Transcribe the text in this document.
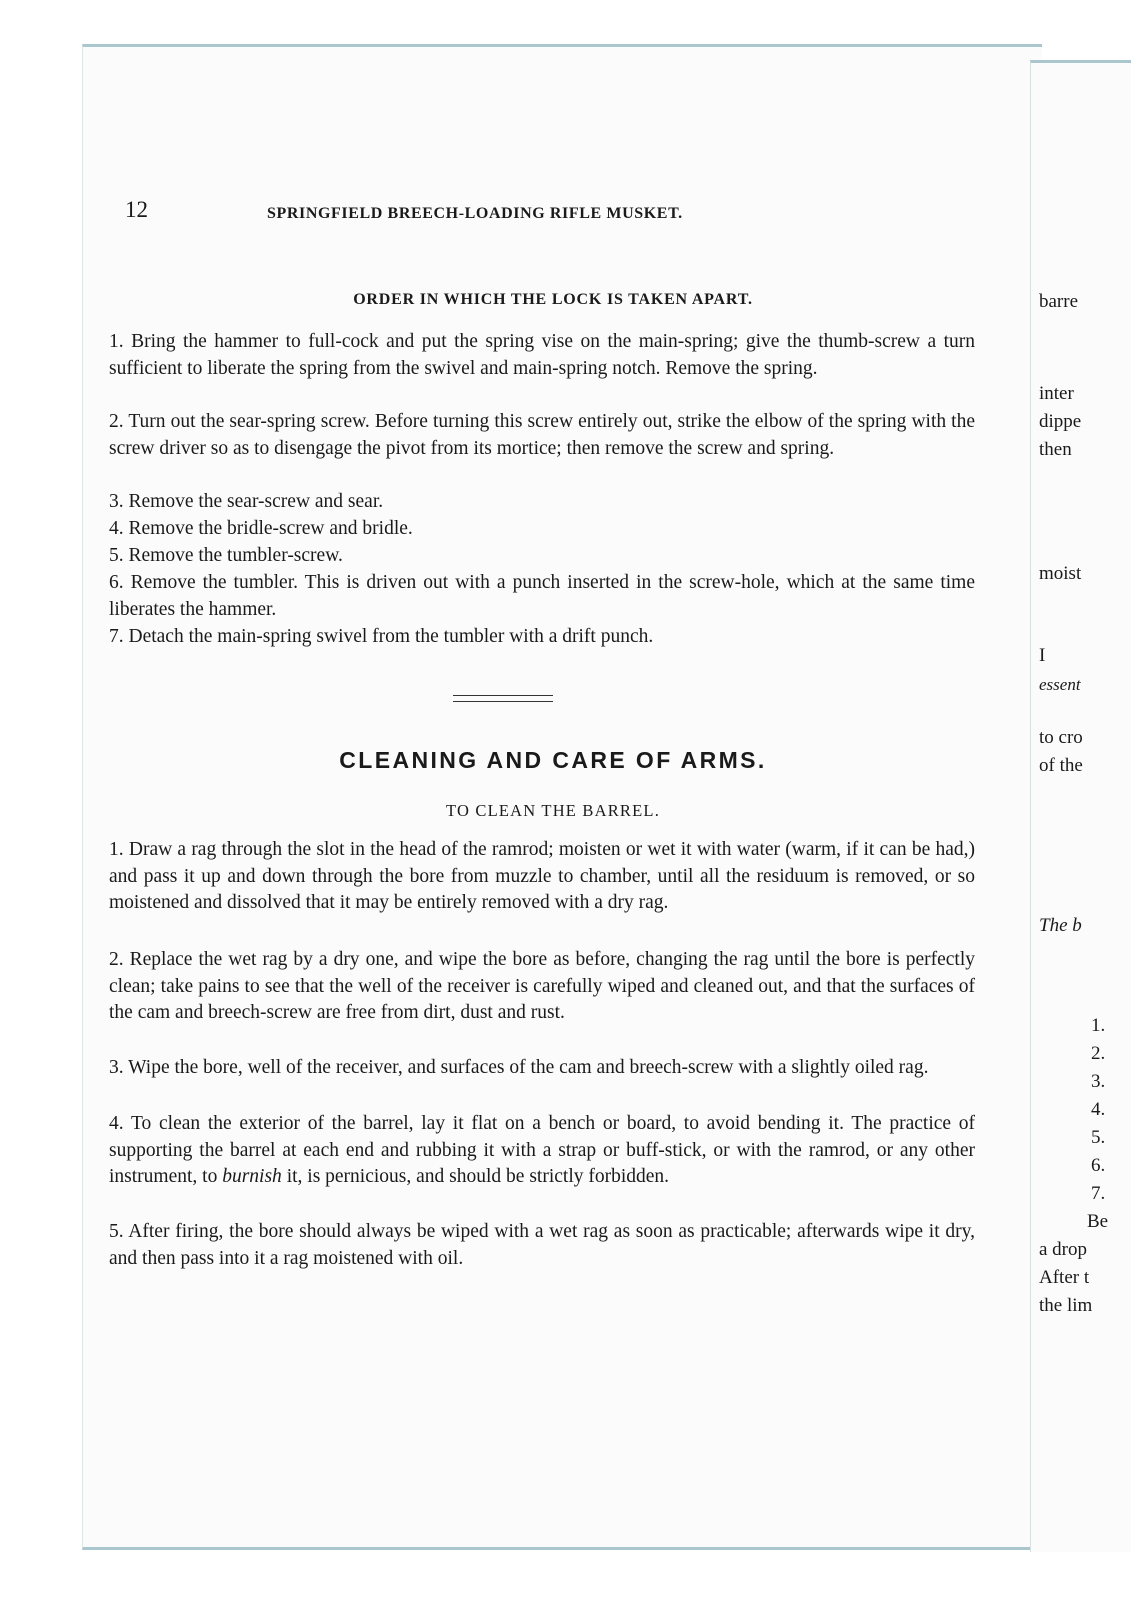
12	SPRINGFIELD BREECH-LOADING RIFLE MUSKET.
ORDER IN WHICH THE LOCK IS TAKEN APART.
1. Bring the hammer to full-cock and put the spring vise on the main-spring; give the thumb-screw a turn sufficient to liberate the spring from the swivel and main-spring notch. Remove the spring.
2. Turn out the sear-spring screw. Before turning this screw entirely out, strike the elbow of the spring with the screw driver so as to disengage the pivot from its mortice; then remove the screw and spring.
3. Remove the sear-screw and sear.
4. Remove the bridle-screw and bridle.
5. Remove the tumbler-screw.
6. Remove the tumbler. This is driven out with a punch inserted in the screw-hole, which at the same time liberates the hammer.
7. Detach the main-spring swivel from the tumbler with a drift punch.
CLEANING AND CARE OF ARMS.
TO CLEAN THE BARREL.
1. Draw a rag through the slot in the head of the ramrod; moisten or wet it with water (warm, if it can be had,) and pass it up and down through the bore from muzzle to chamber, until all the residuum is removed, or so moistened and dissolved that it may be entirely removed with a dry rag.
2. Replace the wet rag by a dry one, and wipe the bore as before, changing the rag until the bore is perfectly clean; take pains to see that the well of the receiver is carefully wiped and cleaned out, and that the surfaces of the cam and breech-screw are free from dirt, dust and rust.
3. Wipe the bore, well of the receiver, and surfaces of the cam and breech-screw with a slightly oiled rag.
4. To clean the exterior of the barrel, lay it flat on a bench or board, to avoid bending it. The practice of supporting the barrel at each end and rubbing it with a strap or buff-stick, or with the ramrod, or any other instrument, to burnish it, is pernicious, and should be strictly forbidden.
5. After firing, the bore should always be wiped with a wet rag as soon as practicable; afterwards wipe it dry, and then pass into it a rag moistened with oil.
barre
inter
dippe
then
moist
I
essent
to cro
of the
The b
1.
2.
3.
4.
5.
6.
7.
Be
a drop
After t
the lim
